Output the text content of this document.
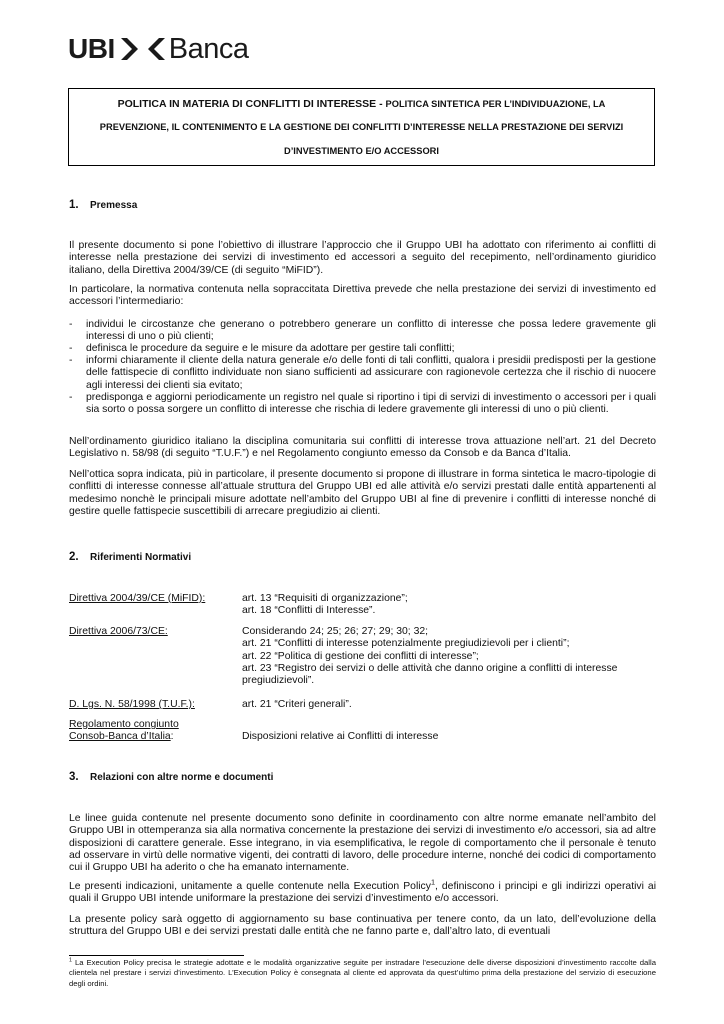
UBI Banca
POLITICA IN MATERIA DI CONFLITTI DI INTERESSE - POLITICA SINTETICA PER L’INDIVIDUAZIONE, LA
PREVENZIONE, IL CONTENIMENTO E LA GESTIONE DEI CONFLITTI D’INTERESSE NELLA PRESTAZIONE DEI SERVIZI
D’INVESTIMENTO E/O ACCESSORI
1. Premessa
Il presente documento si pone l’obiettivo di illustrare l’approccio che il Gruppo UBI ha adottato con riferimento ai conflitti di interesse nella prestazione dei servizi di investimento ed accessori a seguito del recepimento, nell’ordinamento giuridico italiano, della Direttiva 2004/39/CE (di seguito “MiFID”).
In particolare, la normativa contenuta nella sopraccitata Direttiva prevede che nella prestazione dei servizi di investimento ed accessori l’intermediario:
- individui le circostanze che generano o potrebbero generare un conflitto di interesse che possa ledere gravemente gli interessi di uno o più clienti;
- definisca le procedure da seguire e le misure da adottare per gestire tali conflitti;
- informi chiaramente il cliente della natura generale e/o delle fonti di tali conflitti, qualora i presidii predisposti per la gestione delle fattispecie di conflitto individuate non siano sufficienti ad assicurare con ragionevole certezza che il rischio di nuocere agli interessi dei clienti sia evitato;
- predisponga e aggiorni periodicamente un registro nel quale si riportino i tipi di servizi di investimento o accessori per i quali sia sorto o possa sorgere un conflitto di interesse che rischia di ledere gravemente gli interessi di uno o più clienti.
Nell’ordinamento giuridico italiano la disciplina comunitaria sui conflitti di interesse trova attuazione nell’art. 21 del Decreto Legislativo n. 58/98 (di seguito “T.U.F.”) e nel Regolamento congiunto emesso da Consob e da Banca d’Italia.
Nell’ottica sopra indicata, più in particolare, il presente documento si propone di illustrare in forma sintetica le macro-tipologie di conflitti di interesse connesse all’attuale struttura del Gruppo UBI ed alle attività e/o servizi prestati dalle entità appartenenti al medesimo nonchè le principali misure adottate nell’ambito del Gruppo UBI al fine di prevenire i conflitti di interesse nonché di gestire quelle fattispecie suscettibili di arrecare pregiudizio ai clienti.
2. Riferimenti Normativi
Direttiva 2004/39/CE (MiFID):	art. 13 “Requisiti di organizzazione”;
art. 18 “Conflitti di Interesse”.
Direttiva 2006/73/CE:	Considerando 24; 25; 26; 27; 29; 30; 32;
art. 21 “Conflitti di interesse potenzialmente pregiudizievoli per i clienti”;
art. 22 “Politica di gestione dei conflitti di interesse”;
art. 23 “Registro dei servizi o delle attività che danno origine a conflitti di interesse pregiudizievoli”.
D. Lgs. N. 58/1998 (T.U.F.):	art. 21 “Criteri generali”.
Regolamento congiunto
Consob-Banca d’Italia:	Disposizioni relative ai Conflitti di interesse
3. Relazioni con altre norme e documenti
Le linee guida contenute nel presente documento sono definite in coordinamento con altre norme emanate nell’ambito del Gruppo UBI in ottemperanza sia alla normativa concernente la prestazione dei servizi di investimento e/o accessori, sia ad altre disposizioni di carattere generale. Esse integrano, in via esemplificativa, le regole di comportamento che il personale è tenuto ad osservare in virtù delle normative vigenti, dei contratti di lavoro, delle procedure interne, nonché dei codici di comportamento cui il Gruppo UBI ha aderito o che ha emanato internamente.
Le presenti indicazioni, unitamente a quelle contenute nella Execution Policy$^1$, definiscono i principi e gli indirizzi operativi ai quali il Gruppo UBI intende uniformare la prestazione dei servizi d’investimento e/o accessori.
La presente policy sarà oggetto di aggiornamento su base continuativa per tenere conto, da un lato, dell’evoluzione della struttura del Gruppo UBI e dei servizi prestati dalle entità che ne fanno parte e, dall’altro lato, di eventuali
$^1$ La Execution Policy precisa le strategie adottate e le modalità organizzative seguite per instradare l’esecuzione delle diverse disposizioni d’investimento raccolte dalla clientela nel prestare i servizi d’investimento. L’Execution Policy è consegnata al cliente ed approvata da quest’ultimo prima della prestazione del servizio di esecuzione degli ordini.
